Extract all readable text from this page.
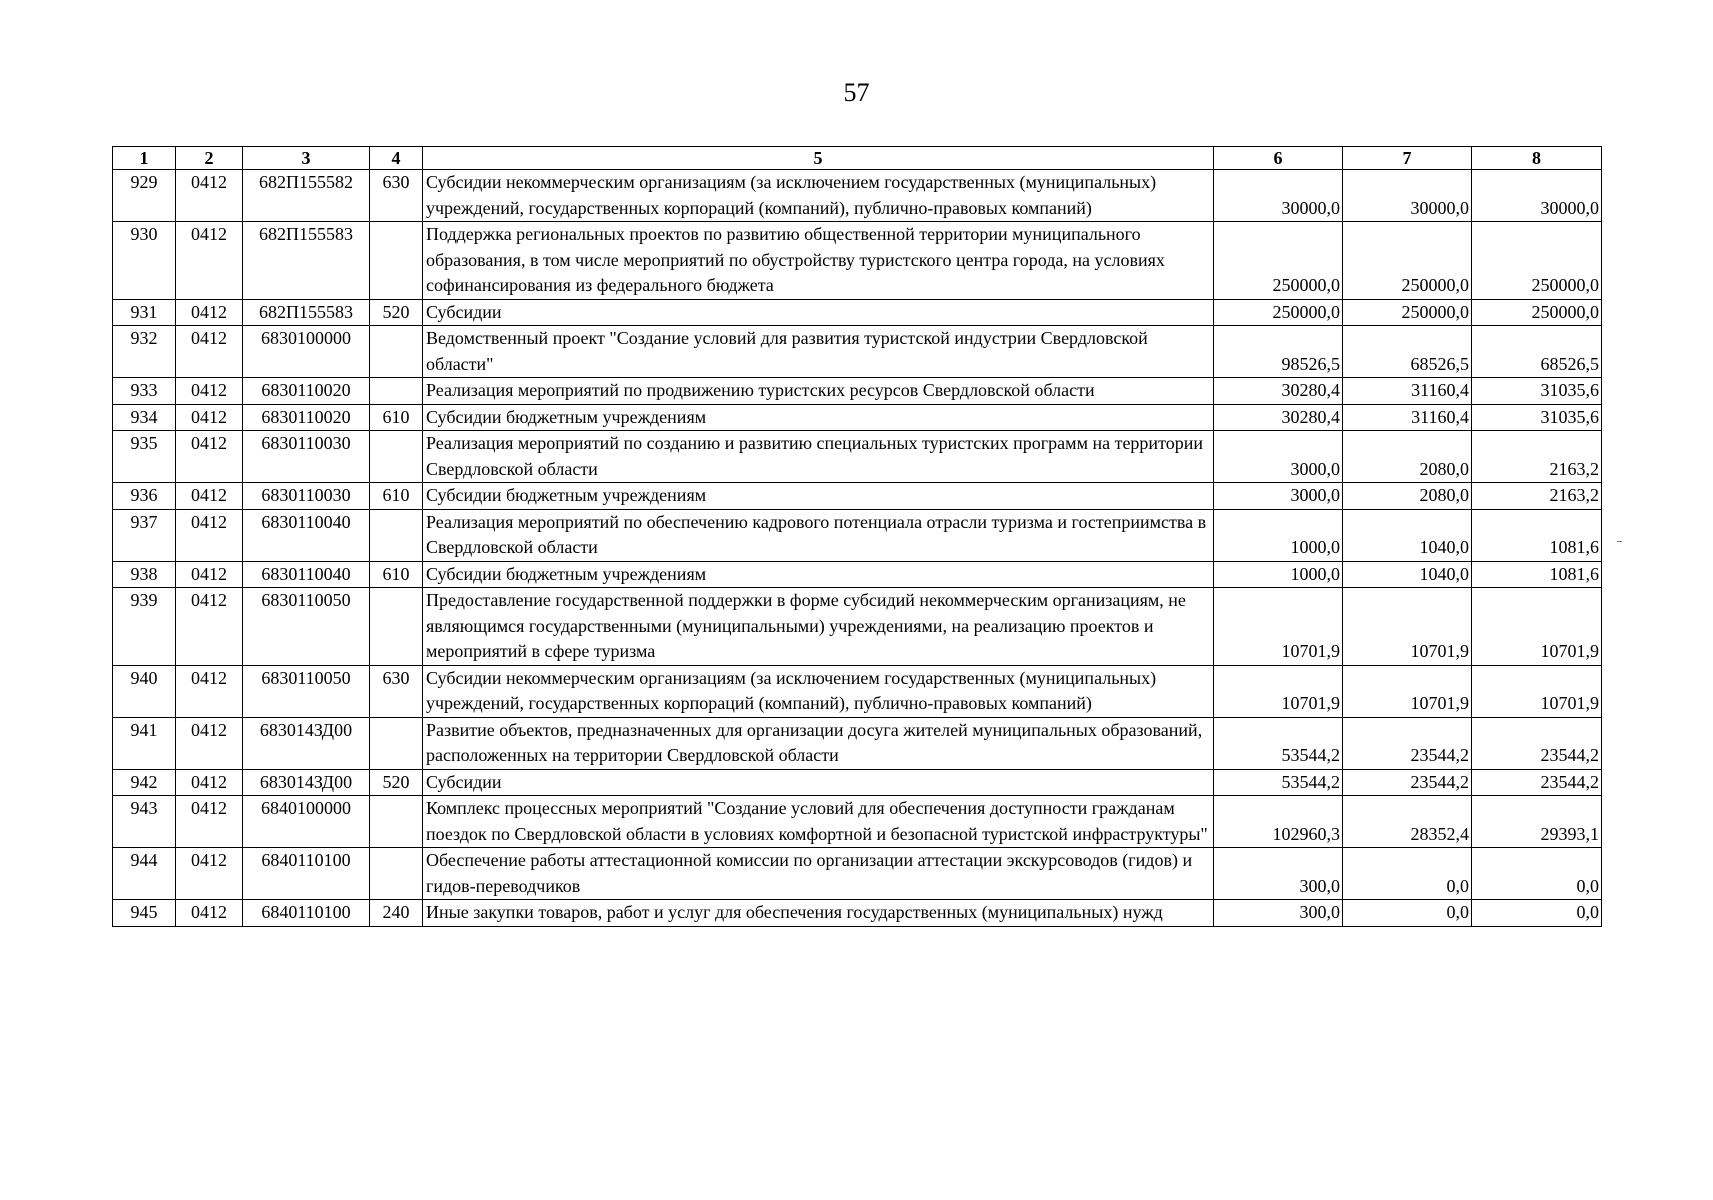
57
1	2	3	4	5	6	7	8
929	0412	682П155582	630	Субсидии некоммерческим организациям (за исключением государственных (муниципальных) учреждений, государственных корпораций (компаний), публично-правовых компаний)	30000,0	30000,0	30000,0
930	0412	682П155583		Поддержка региональных проектов по развитию общественной территории муниципального образования, в том числе мероприятий по обустройству туристского центра города, на условиях софинансирования из федерального бюджета	250000,0	250000,0	250000,0
931	0412	682П155583	520	Субсидии	250000,0	250000,0	250000,0
932	0412	6830100000		Ведомственный проект "Создание условий для развития туристской индустрии Свердловской области"	98526,5	68526,5	68526,5
933	0412	6830110020		Реализация мероприятий по продвижению туристских ресурсов Свердловской области	30280,4	31160,4	31035,6
934	0412	6830110020	610	Субсидии бюджетным учреждениям	30280,4	31160,4	31035,6
935	0412	6830110030		Реализация мероприятий по созданию и развитию специальных туристских программ на территории Свердловской области	3000,0	2080,0	2163,2
936	0412	6830110030	610	Субсидии бюджетным учреждениям	3000,0	2080,0	2163,2
937	0412	6830110040		Реализация мероприятий по обеспечению кадрового потенциала отрасли туризма и гостеприимства в Свердловской области	1000,0	1040,0	1081,6
938	0412	6830110040	610	Субсидии бюджетным учреждениям	1000,0	1040,0	1081,6
939	0412	6830110050		Предоставление государственной поддержки в форме субсидий некоммерческим организациям, не являющимся государственными (муниципальными) учреждениями, на реализацию проектов и мероприятий в сфере туризма	10701,9	10701,9	10701,9
940	0412	6830110050	630	Субсидии некоммерческим организациям (за исключением государственных (муниципальных) учреждений, государственных корпораций (компаний), публично-правовых компаний)	10701,9	10701,9	10701,9
941	0412	683014ЗД00		Развитие объектов, предназначенных для организации досуга жителей муниципальных образований, расположенных на территории Свердловской области	53544,2	23544,2	23544,2
942	0412	683014ЗД00	520	Субсидии	53544,2	23544,2	23544,2
943	0412	6840100000		Комплекс процессных мероприятий "Создание условий для обеспечения доступности гражданам поездок по Свердловской области в условиях комфортной и безопасной туристской инфраструктуры"	102960,3	28352,4	29393,1
944	0412	6840110100		Обеспечение работы аттестационной комиссии по организации аттестации экскурсоводов (гидов) и гидов-переводчиков	300,0	0,0	0,0
945	0412	6840110100	240	Иные закупки товаров, работ и услуг для обеспечения государственных (муниципальных) нужд	300,0	0,0	0,0
